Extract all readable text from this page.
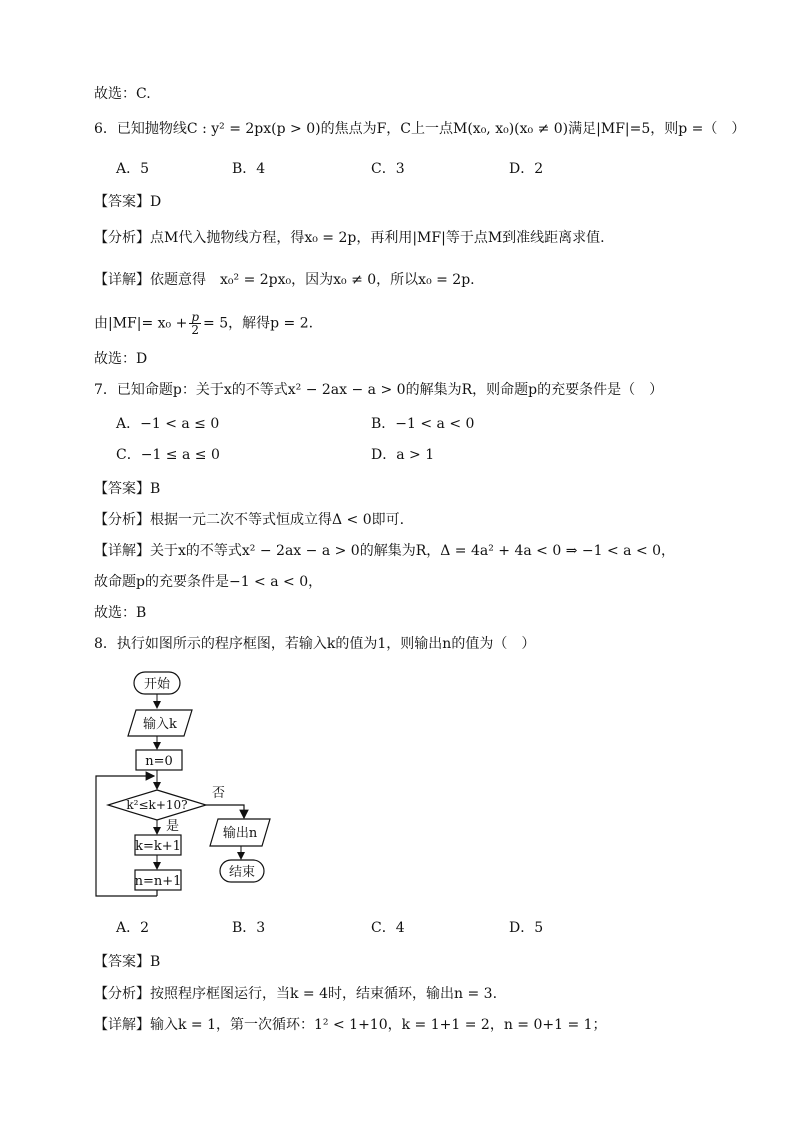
故选：C.
6．已知抛物线C : y² = 2px(p > 0)的焦点为F，C上一点M(x₀, x₀)(x₀ ≠ 0)满足|MF|=5，则p =（　）
A．5	B．4	C．3	D．2
【答案】D
【分析】点M代入抛物线方程，得x₀ = 2p，再利用|MF|等于点M到准线距离求值.
【详解】依题意得　x₀² = 2px₀，因为x₀ ≠ 0，所以x₀ = 2p.
由$|MF|= x_0 + \frac{p}{2} = 5$，解得p = 2.
故选：D
7．已知命题p：关于x的不等式x² − 2ax − a > 0的解集为R，则命题p的充要条件是（　）
A．−1 < a ≤ 0	B．−1 < a < 0
C．−1 ≤ a ≤ 0	D．a > 1
【答案】B
【分析】根据一元二次不等式恒成立得Δ < 0即可.
【详解】关于x的不等式x² − 2ax − a > 0的解集为R，Δ = 4a² + 4a < 0 ⇒ −1 < a < 0，
故命题p的充要条件是−1 < a < 0，
故选：B
8．执行如图所示的程序框图，若输入k的值为1，则输出n的值为（　）
开始
输入k
n=0
k²≤k+10?
否
是
k=k+1
n=n+1
输出n
结束
A．2	B．3	C．4	D．5
【答案】B
【分析】按照程序框图运行，当k = 4时，结束循环，输出n = 3.
【详解】输入k = 1，第一次循环：1² < 1+10，k = 1+1 = 2，n = 0+1 = 1；
